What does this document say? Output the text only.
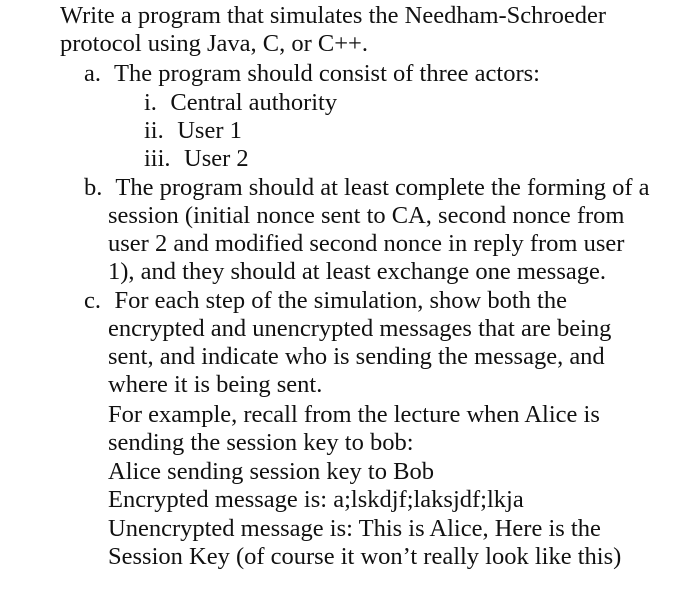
Write a program that simulates the Needham-Schroeder
protocol using Java, C, or C++.
a. The program should consist of three actors:
i. Central authority
ii. User 1
iii. User 2
b. The program should at least complete the forming of a
session (initial nonce sent to CA, second nonce from
user 2 and modified second nonce in reply from user
1), and they should at least exchange one message.
c. For each step of the simulation, show both the
encrypted and unencrypted messages that are being
sent, and indicate who is sending the message, and
where it is being sent.
For example, recall from the lecture when Alice is
sending the session key to bob:
Alice sending session key to Bob
Encrypted message is: a;lskdjf;laksjdf;lkja
Unencrypted message is: This is Alice, Here is the
Session Key (of course it won’t really look like this)
